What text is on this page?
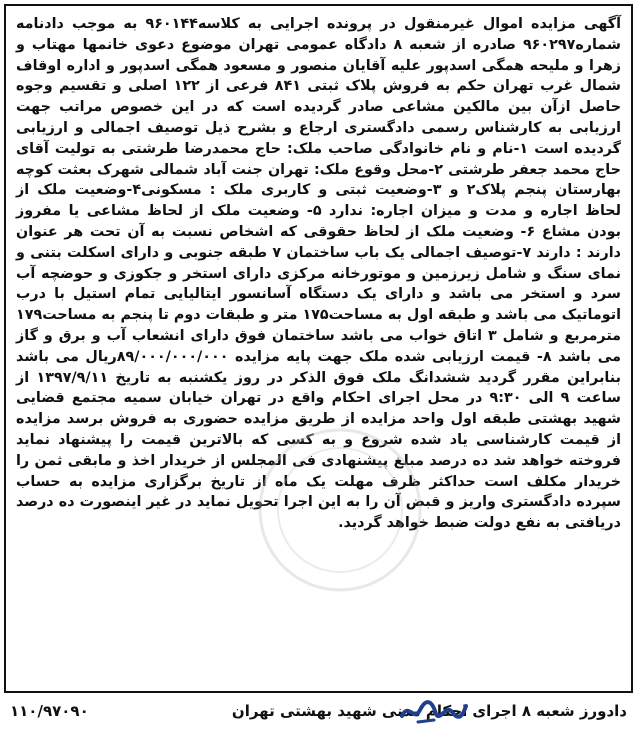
آگهی مزایده اموال غیرمنقول در پرونده اجرایی به کلاسه۹۶۰۱۴۴ به موجب دادنامه شماره۹۶۰۲۹۷ صادره از شعبه ۸ دادگاه عمومی تهران موضوع دعوی خانمها مهتاب و زهرا و ملیحه همگی اسدپور علیه آقایان منصور و مسعود همگی اسدپور و اداره اوقاف شمال غرب تهران حکم به فروش پلاک ثبتی ۸۴۱ فرعی از ۱۲۲ اصلی و تقسیم وجوه حاصل ازآن بین مالکین مشاعی صادر گردیده است که در این خصوص مراتب جهت ارزیابی به کارشناس رسمی دادگستری ارجاع و بشرح ذیل توصیف اجمالی و ارزیابی گردیده است ۱-نام و نام خانوادگی صاحب ملک: حاج محمدرضا طرشتی به تولیت آقای حاج محمد جعفر طرشتی ۲-محل وقوع ملک: تهران جنت آباد شمالی شهرک بعثت کوچه بهارستان پنجم پلاک۲ و ۳-وضعیت ثبتی و کاربری ملک : مسکونی۴-وضعیت ملک از لحاظ اجاره و مدت و میزان اجاره: ندارد ۵- وضعیت ملک از لحاظ مشاعی یا مفروز بودن مشاع ۶- وضعیت ملک از لحاظ حقوقی که اشخاص نسبت به آن تحت هر عنوان دارند : دارند ۷-توصیف اجمالی یک باب ساختمان ۷ طبقه جنوبی و دارای اسکلت بتنی و نمای سنگ و شامل زیرزمین و موتورخانه مرکزی دارای استخر و جکوزی و حوضچه آب سرد و استخر می باشد و دارای یک دستگاه آسانسور ایتالیایی تمام استیل با درب اتوماتیک می باشد و طبقه اول به مساحت۱۷۵ متر و طبقات دوم تا پنجم به مساحت۱۷۹ مترمربع و شامل ۳ اتاق خواب می باشد ساختمان فوق دارای انشعاب آب و برق و گاز می باشد ۸- قیمت ارزیابی شده ملک جهت پایه مزایده ۸۹/۰۰۰/۰۰۰/۰۰۰ریال می باشد بنابراین مقرر گردید ششدانگ ملک فوق الذکر در روز یکشنبه به تاریخ ۱۳۹۷/۹/۱۱ از ساعت ۹ الی ۹:۳۰ در محل اجرای احکام واقع در تهران خیابان سمیه مجتمع قضایی شهید بهشتی طبقه اول واحد مزایده از طریق مزایده حضوری به فروش برسد مزایده از قیمت کارشناسی یاد شده شروع و به کسی که بالاترین قیمت را پیشنهاد نماید فروخته خواهد شد ده درصد مبلغ پیشنهادی فی المجلس از خریدار اخذ و مابقی ثمن را خریدار مکلف است حداکثر ظرف مهلت یک ماه از تاریخ برگزاری مزایده به حساب سپرده دادگستری واریز و قبض آن را به این اجرا تحویل نماید در غیر اینصورت ده درصد دریافتی به نفع دولت ضبط خواهد گردید.

دادورز شعبه ۸ اجرای احکام مدنی شهید بهشتی تهران
۱۱۰/۹۷۰۹۰
